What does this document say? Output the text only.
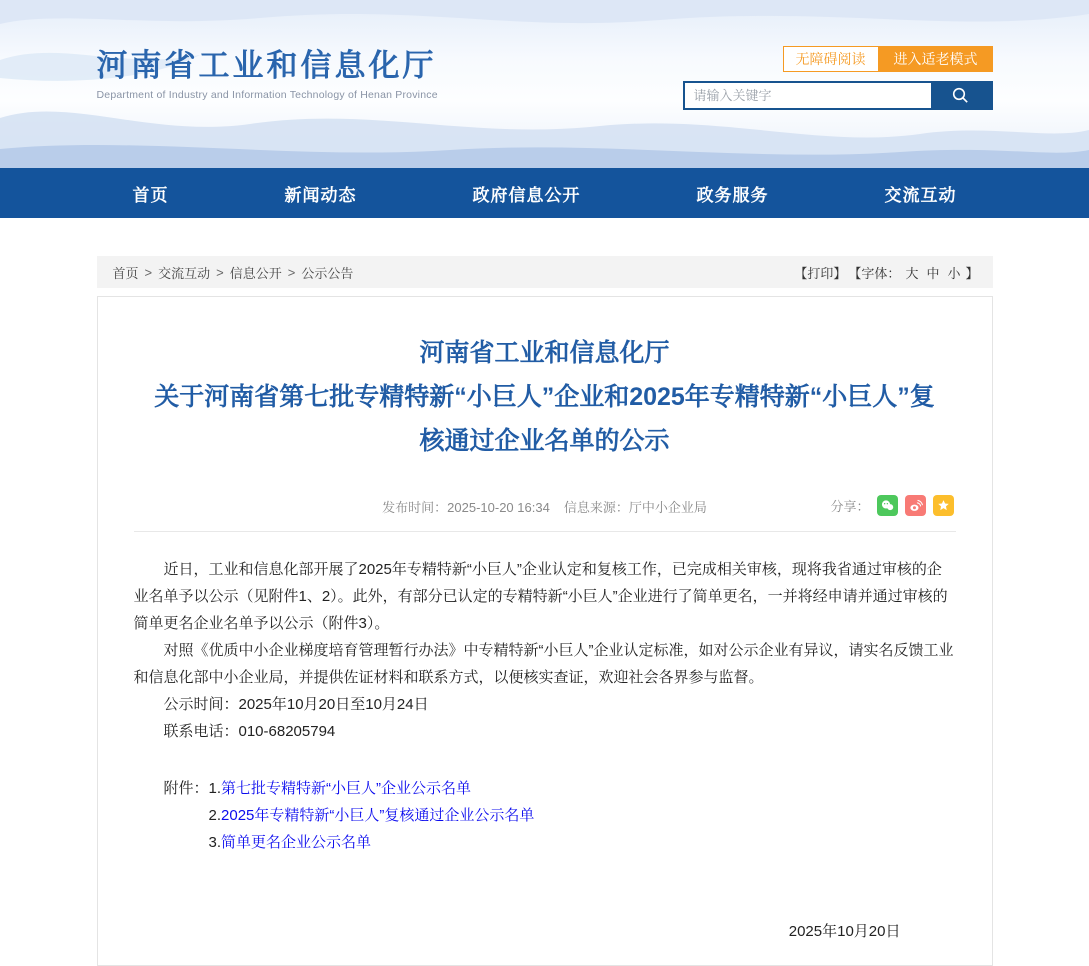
河南省工业和信息化厅
Department of Industry and Information Technology of Henan Province
无障碍阅读	进入适老模式
请输入关键字
首页	新闻动态	政府信息公开	政务服务	交流互动
首页 > 交流互动 > 信息公开 > 公示公告	【打印】 【字体： 大 中 小 】
河南省工业和信息化厅
关于河南省第七批专精特新“小巨人”企业和2025年专精特新“小巨人”复核通过企业名单的公示
发布时间：2025-10-20 16:34 信息来源：厅中小企业局	分享：

近日，工业和信息化部开展了2025年专精特新“小巨人”企业认定和复核工作，已完成相关审核，现将我省通过审核的企业名单予以公示（见附件1、2）。此外，有部分已认定的专精特新“小巨人”企业进行了简单更名，一并将经申请并通过审核的简单更名企业名单予以公示（附件3）。

对照《优质中小企业梯度培育管理暂行办法》中专精特新“小巨人”企业认定标准，如对公示企业有异议，请实名反馈工业和信息化部中小企业局，并提供佐证材料和联系方式，以便核实查证，欢迎社会各界参与监督。

公示时间：2025年10月20日至10月24日

联系电话：010-68205794

附件：1.第七批专精特新“小巨人”企业公示名单
2.2025年专精特新“小巨人”复核通过企业公示名单
3.简单更名企业公示名单
2025年10月20日
